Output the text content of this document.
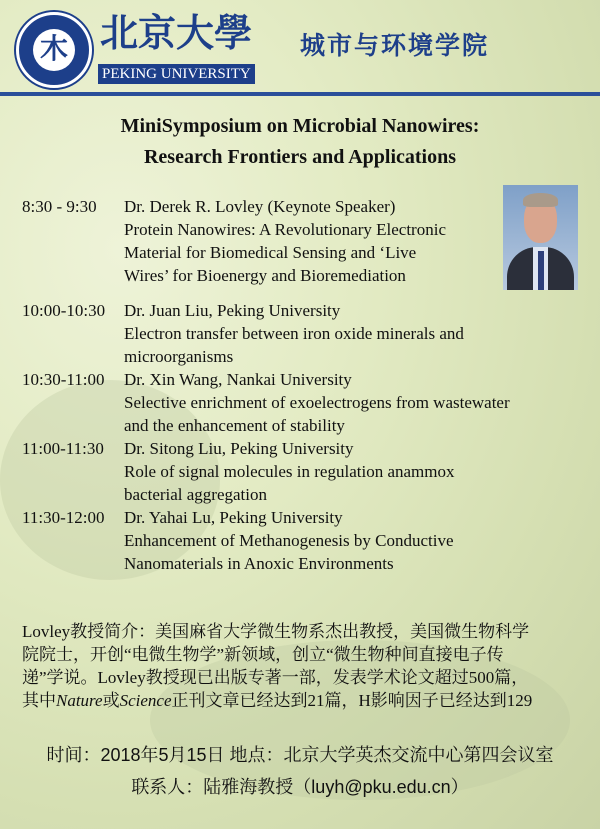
木 北京大學
PEKING UNIVERSITY
城市与环境学院
MiniSymposium on Microbial Nanowires:
Research Frontiers and Applications
8:30 - 9:30	Dr. Derek R. Lovley (Keynote Speaker)
Protein Nanowires: A Revolutionary Electronic
Material for Biomedical Sensing and ‘Live
Wires’ for Bioenergy and Bioremediation
10:00-10:30	Dr. Juan Liu, Peking University
Electron transfer between iron oxide minerals and
microorganisms
10:30-11:00	Dr. Xin Wang, Nankai University
Selective enrichment of exoelectrogens from wastewater
and the enhancement of stability
11:00-11:30	Dr. Sitong Liu, Peking University
Role of signal molecules in regulation anammox
bacterial aggregation
11:30-12:00	Dr. Yahai Lu, Peking University
Enhancement of Methanogenesis by Conductive
Nanomaterials in Anoxic Environments
Lovley教授简介：美国麻省大学微生物系杰出教授，美国微生物科学
院院士，开创“电微生物学”新领域，创立“微生物种间直接电子传
递”学说。Lovley教授现已出版专著一部，发表学术论文超过500篇，
其中Nature或Science正刊文章已经达到21篇，H影响因子已经达到129
时间：2018年5月15日 地点：北京大学英杰交流中心第四会议室
联系人：陆雅海教授（luyh@pku.edu.cn）
